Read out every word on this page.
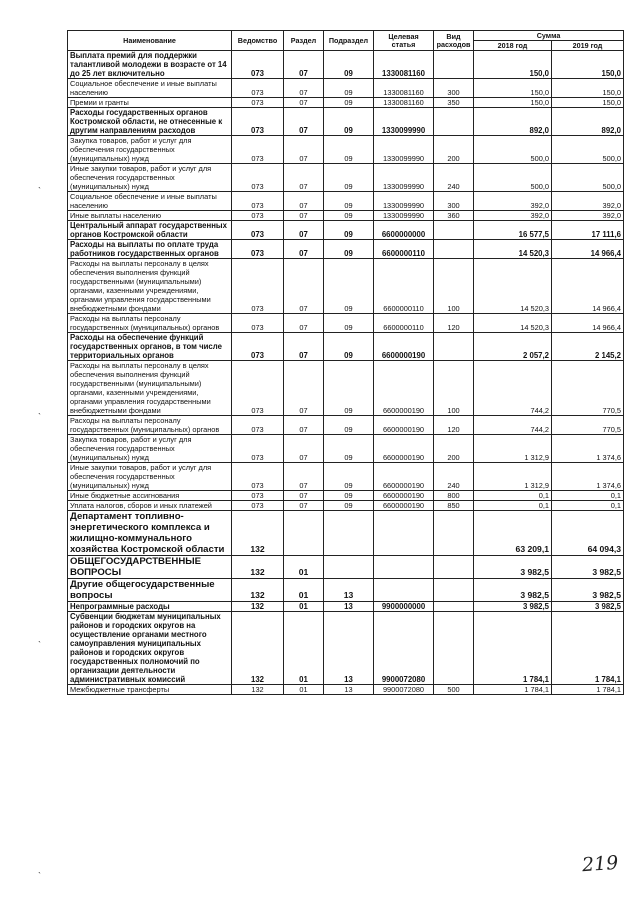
Наименование	Ведомство	Раздел	Подраздел	Целевая статья	Вид расходов	Сумма	
						2018 год	2019 год
Выплата премий для поддержки талантливой молодежи в возрасте от 14 до 25 лет включительно	073	07	09	1330081160		150,0	150,0
Социальное обеспечение и иные выплаты населению	073	07	09	1330081160	300	150,0	150,0
Премии и гранты	073	07	09	1330081160	350	150,0	150,0
Расходы государственных органов Костромской области, не отнесенные к другим направлениям расходов	073	07	09	1330099990		892,0	892,0
Закупка товаров, работ и услуг для обеспечения государственных (муниципальных) нужд	073	07	09	1330099990	200	500,0	500,0
Иные закупки товаров, работ и услуг для обеспечения государственных (муниципальных) нужд	073	07	09	1330099990	240	500,0	500,0
Социальное обеспечение и иные выплаты населению	073	07	09	1330099990	300	392,0	392,0
Иные выплаты населению	073	07	09	1330099990	360	392,0	392,0
Центральный аппарат государственных органов Костромской области	073	07	09	6600000000		16 577,5	17 111,6
Расходы на выплаты по оплате труда работников государственных органов	073	07	09	6600000110		14 520,3	14 966,4
Расходы на выплаты персоналу в целях обеспечения выполнения функций государственными (муниципальными) органами, казенными учреждениями, органами управления государственными внебюджетными фондами	073	07	09	6600000110	100	14 520,3	14 966,4
Расходы на выплаты персоналу государственных (муниципальных) органов	073	07	09	6600000110	120	14 520,3	14 966,4
Расходы на обеспечение функций государственных органов, в том числе территориальных органов	073	07	09	6600000190		2 057,2	2 145,2
Расходы на выплаты персоналу в целях обеспечения выполнения функций государственными (муниципальными) органами, казенными учреждениями, органами управления государственными внебюджетными фондами	073	07	09	6600000190	100	744,2	770,5
Расходы на выплаты персоналу государственных (муниципальных) органов	073	07	09	6600000190	120	744,2	770,5
Закупка товаров, работ и услуг для обеспечения государственных (муниципальных) нужд	073	07	09	6600000190	200	1 312,9	1 374,6
Иные закупки товаров, работ и услуг для обеспечения государственных (муниципальных) нужд	073	07	09	6600000190	240	1 312,9	1 374,6
Иные бюджетные ассигнования	073	07	09	6600000190	800	0,1	0,1
Уплата налогов, сборов и иных платежей	073	07	09	6600000190	850	0,1	0,1
Департамент топливно-энергетического комплекса и жилищно-коммунального хозяйства Костромской области	132					63 209,1	64 094,3
ОБЩЕГОСУДАРСТВЕННЫЕ ВОПРОСЫ	132	01				3 982,5	3 982,5
Другие общегосударственные вопросы	132	01	13			3 982,5	3 982,5
Непрограммные расходы	132	01	13	9900000000		3 982,5	3 982,5
Субвенции бюджетам муниципальных районов и городских округов на осуществление органами местного самоуправления муниципальных районов и городских округов государственных полномочий по организации деятельности административных комиссий	132	01	13	9900072080		1 784,1	1 784,1
Межбюджетные трансферты	132	01	13	9900072080	500	1 784,1	1 784,1
`
`
`
`	219
